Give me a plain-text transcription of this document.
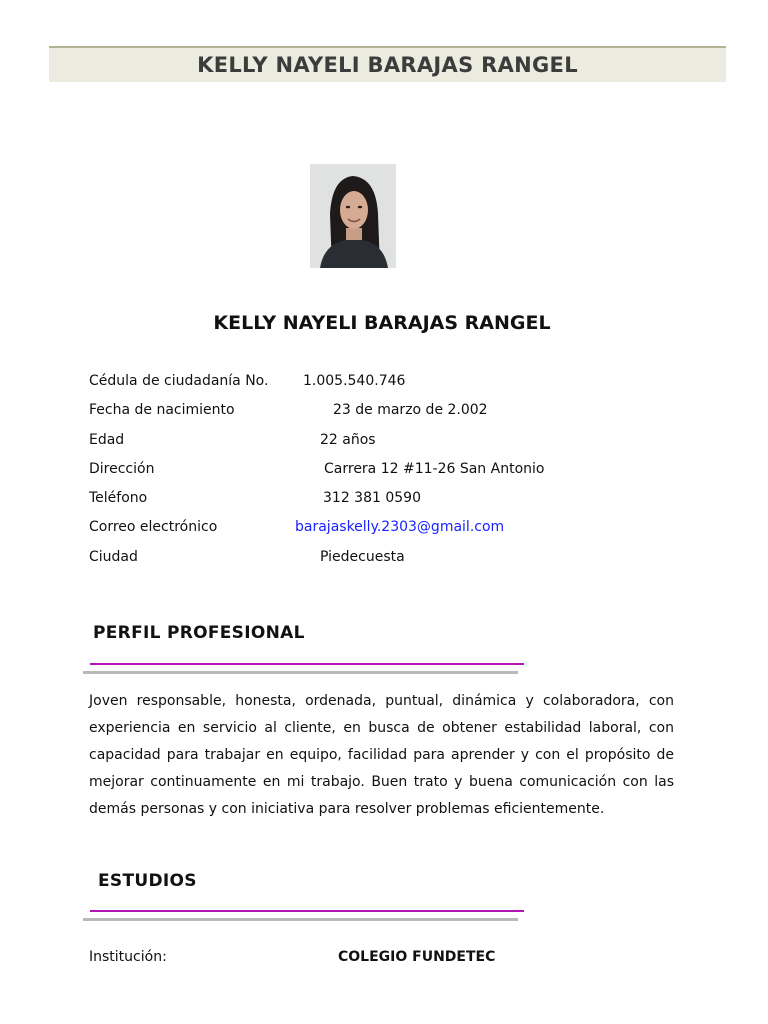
KELLY NAYELI BARAJAS RANGEL
KELLY NAYELI BARAJAS RANGEL
Cédula de ciudadanía No. 1.005.540.746
Fecha de nacimiento	23 de marzo de 2.002
Edad	22 años
Dirección	Carrera 12 #11-26 San Antonio
Teléfono	312 381 0590
Correo electrónico	barajaskelly.2303@gmail.com
Ciudad	Piedecuesta
PERFIL PROFESIONAL
Joven responsable, honesta, ordenada, puntual, dinámica y colaboradora, con experiencia en servicio al cliente, en busca de obtener estabilidad laboral, con capacidad para trabajar en equipo, facilidad para aprender y con el propósito de mejorar continuamente en mi trabajo. Buen trato y buena comunicación con las demás personas y con iniciativa para resolver problemas eficientemente.
ESTUDIOS
Institución:	COLEGIO FUNDETEC
